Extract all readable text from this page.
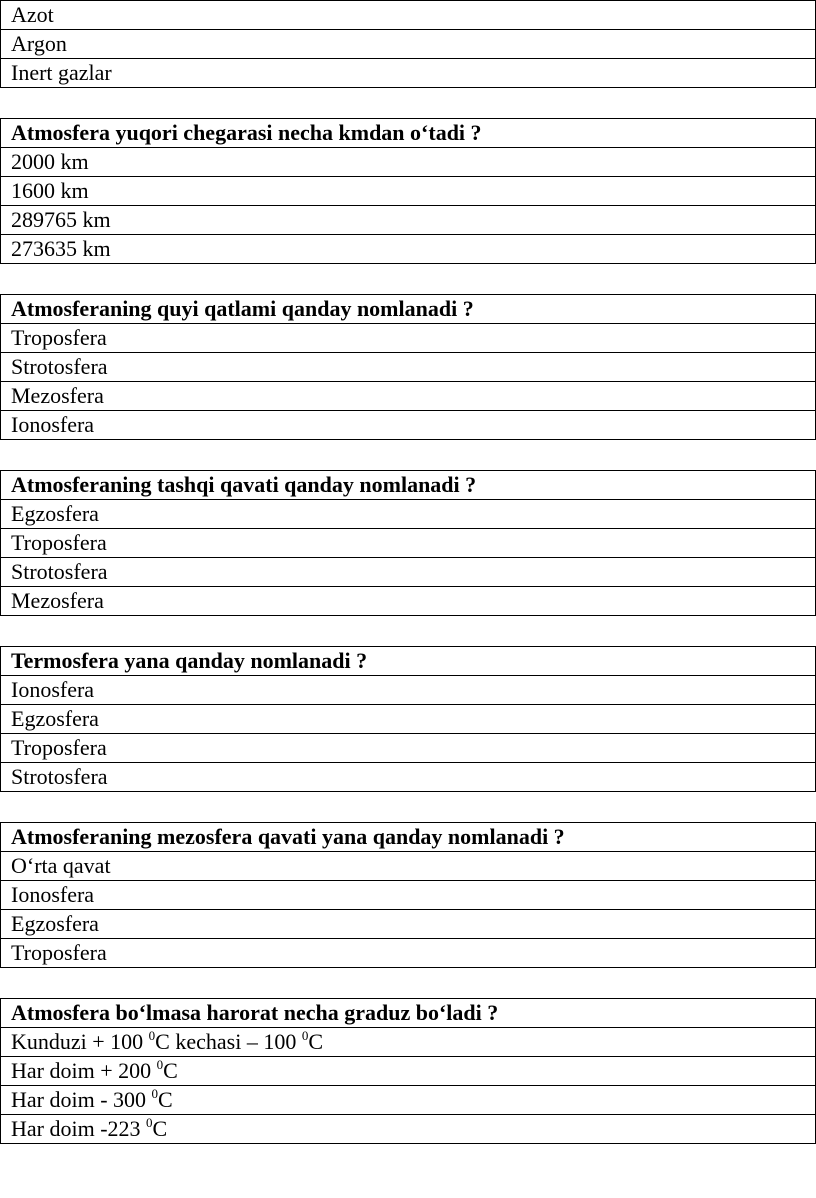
Azot
Argon
Inert gazlar
Atmosfera yuqori chegarasi necha kmdan o‘tadi ?
2000 km
1600 km
289765 km
273635 km
Atmosferaning quyi qatlami qanday nomlanadi ?
Troposfera
Strotosfera
Mezosfera
Ionosfera
Atmosferaning tashqi qavati qanday nomlanadi ?
Egzosfera
Troposfera
Strotosfera
Mezosfera
Termosfera yana qanday nomlanadi ?
Ionosfera
Egzosfera
Troposfera
Strotosfera
Atmosferaning mezosfera qavati yana qanday nomlanadi ?
O‘rta qavat
Ionosfera
Egzosfera
Troposfera
Atmosfera bo‘lmasa harorat necha graduz bo‘ladi ?
Kunduzi + 100 $^0$C kechasi – 100 $^0$C
Har doim + 200 $^0$C
Har doim - 300 $^0$C
Har doim -223 $^0$C
